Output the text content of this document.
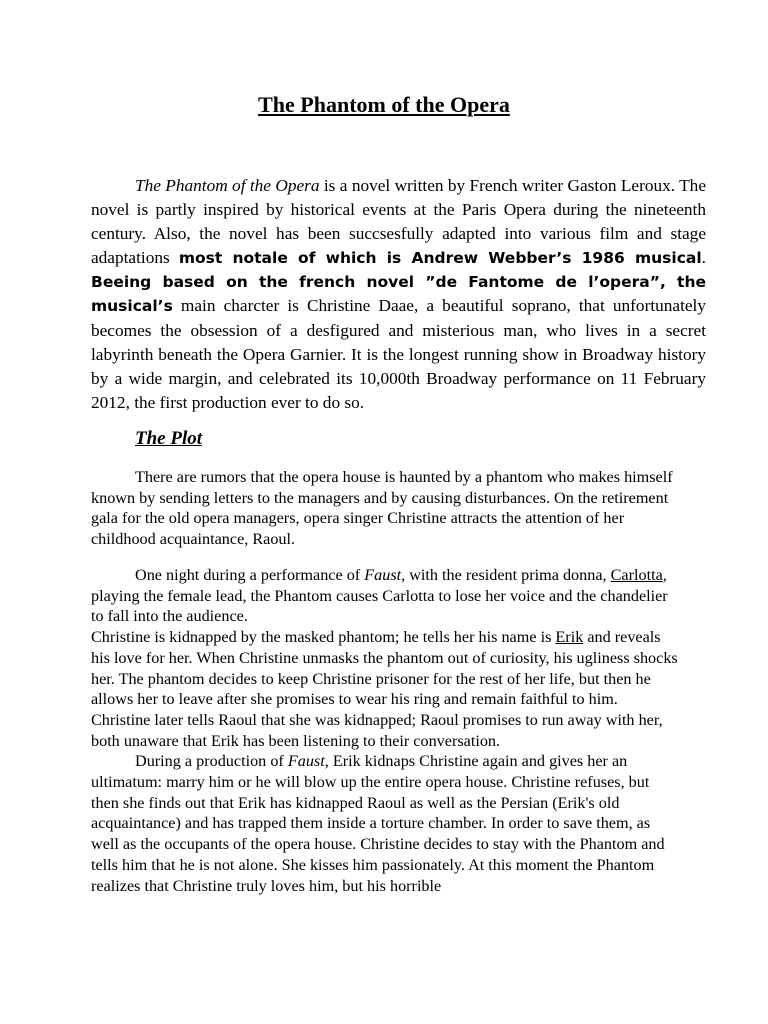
The Phantom of the Opera

The Phantom of the Opera is a novel written by French writer Gaston Leroux. The novel is partly inspired by historical events at the Paris Opera during the nineteenth century. Also, the novel has been succsesfully adapted into various film and stage adaptations most notale of which is Andrew Webber’s 1986 musical. Beeing based on the french novel ”de Fantome de l’opera”, the musical’s main charcter is Christine Daae, a beautiful soprano, that unfortunately becomes the obsession of a desfigured and misterious man, who lives in a secret labyrinth beneath the Opera Garnier. It is the longest running show in Broadway history by a wide margin, and celebrated its 10,000th Broadway performance on 11 February 2012, the first production ever to do so.

The Plot

There are rumors that the opera house is haunted by a phantom who makes himself known by sending letters to the managers and by causing disturbances. On the retirement gala for the old opera managers, opera singer Christine attracts the attention of her childhood acquaintance, Raoul.

One night during a performance of Faust, with the resident prima donna, Carlotta, playing the female lead, the Phantom causes Carlotta to lose her voice and the chandelier to fall into the audience.
Christine is kidnapped by the masked phantom; he tells her his name is Erik and reveals his love for her. When Christine unmasks the phantom out of curiosity, his ugliness shocks her. The phantom decides to keep Christine prisoner for the rest of her life, but then he allows her to leave after she promises to wear his ring and remain faithful to him. Christine later tells Raoul that she was kidnapped; Raoul promises to run away with her, both unaware that Erik has been listening to their conversation.
During a production of Faust, Erik kidnaps Christine again and gives her an ultimatum: marry him or he will blow up the entire opera house. Christine refuses, but then she finds out that Erik has kidnapped Raoul as well as the Persian (Erik's old acquaintance) and has trapped them inside a torture chamber. In order to save them, as well as the occupants of the opera house. Christine decides to stay with the Phantom and tells him that he is not alone. She kisses him passionately. At this moment the Phantom realizes that Christine truly loves him, but his horrible
